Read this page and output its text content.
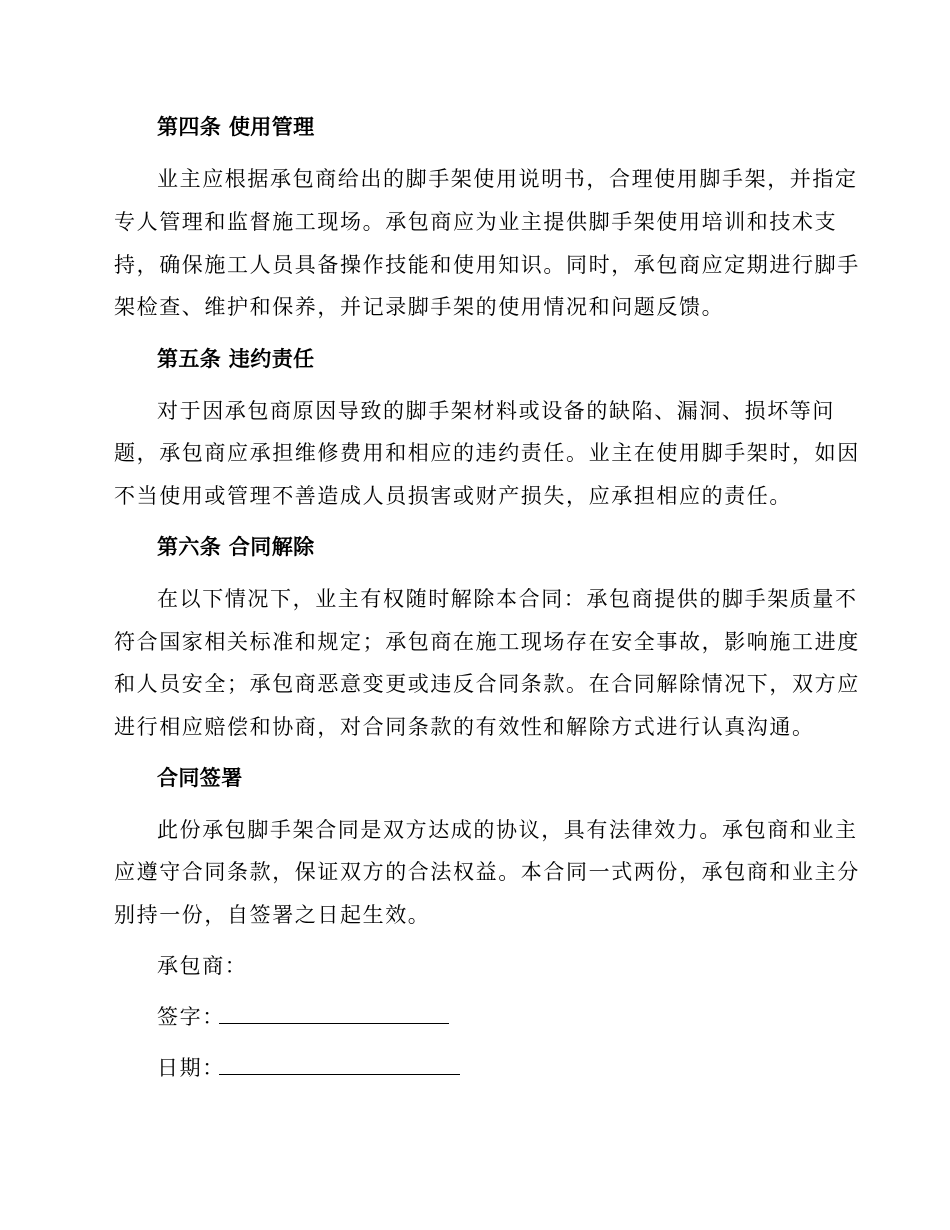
第四条 使用管理
业主应根据承包商给出的脚手架使用说明书，合理使用脚手架，并指定
专人管理和监督施工现场。承包商应为业主提供脚手架使用培训和技术支
持，确保施工人员具备操作技能和使用知识。同时，承包商应定期进行脚手
架检查、维护和保养，并记录脚手架的使用情况和问题反馈。
第五条 违约责任
对于因承包商原因导致的脚手架材料或设备的缺陷、漏洞、损坏等问
题，承包商应承担维修费用和相应的违约责任。业主在使用脚手架时，如因
不当使用或管理不善造成人员损害或财产损失，应承担相应的责任。
第六条 合同解除
在以下情况下，业主有权随时解除本合同：承包商提供的脚手架质量不
符合国家相关标准和规定；承包商在施工现场存在安全事故，影响施工进度
和人员安全；承包商恶意变更或违反合同条款。在合同解除情况下，双方应
进行相应赔偿和协商，对合同条款的有效性和解除方式进行认真沟通。
合同签署
此份承包脚手架合同是双方达成的协议，具有法律效力。承包商和业主
应遵守合同条款，保证双方的合法权益。本合同一式两份，承包商和业主分
别持一份，自签署之日起生效。
承包商：
签字：
日期：
